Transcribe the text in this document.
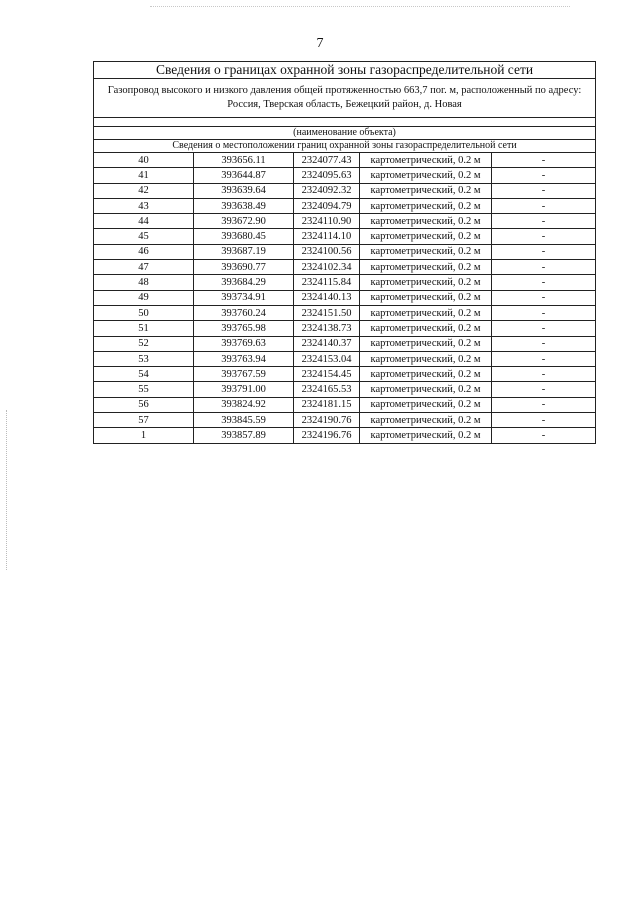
7
Сведения о границах охранной зоны газораспределительной сети				
Газопровод высокого и низкого давления общей протяженностью 663,7 пог. м, расположенный по адресу: Россия, Тверская область, Бежецкий район, д. Новая				

(наименование объекта)				
Сведения о местоположении границ охранной зоны газораспределительной сети				
40	393656.11	2324077.43	картометрический, 0.2 м	-
41	393644.87	2324095.63	картометрический, 0.2 м	-
42	393639.64	2324092.32	картометрический, 0.2 м	-
43	393638.49	2324094.79	картометрический, 0.2 м	-
44	393672.90	2324110.90	картометрический, 0.2 м	-
45	393680.45	2324114.10	картометрический, 0.2 м	-
46	393687.19	2324100.56	картометрический, 0.2 м	-
47	393690.77	2324102.34	картометрический, 0.2 м	-
48	393684.29	2324115.84	картометрический, 0.2 м	-
49	393734.91	2324140.13	картометрический, 0.2 м	-
50	393760.24	2324151.50	картометрический, 0.2 м	-
51	393765.98	2324138.73	картометрический, 0.2 м	-
52	393769.63	2324140.37	картометрический, 0.2 м	-
53	393763.94	2324153.04	картометрический, 0.2 м	-
54	393767.59	2324154.45	картометрический, 0.2 м	-
55	393791.00	2324165.53	картометрический, 0.2 м	-
56	393824.92	2324181.15	картометрический, 0.2 м	-
57	393845.59	2324190.76	картометрический, 0.2 м	-
1	393857.89	2324196.76	картометрический, 0.2 м	-
